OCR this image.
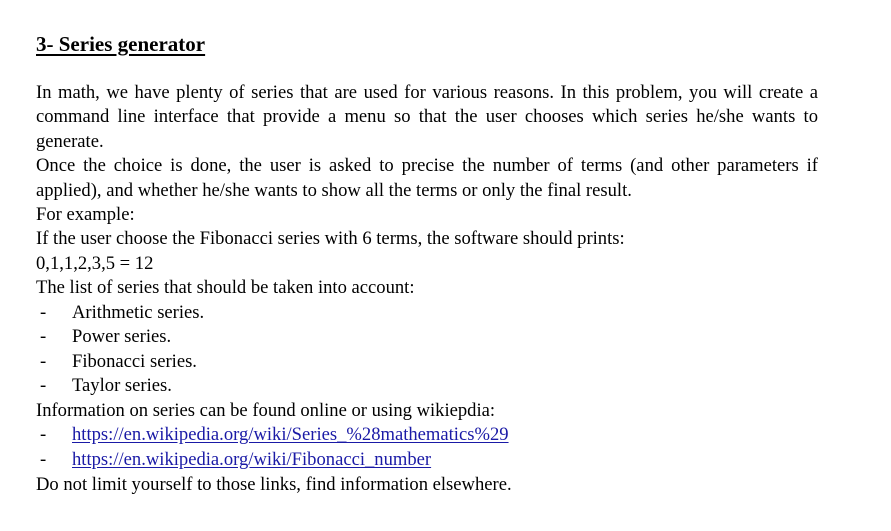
3- Series generator

In math, we have plenty of series that are used for various reasons. In this problem, you will create a command line interface that provide a menu so that the user chooses which series he/she wants to generate.

Once the choice is done, the user is asked to precise the number of terms (and other parameters if applied), and whether he/she wants to show all the terms or only the final result.

For example:

If the user choose the Fibonacci series with 6 terms, the software should prints:

0,1,1,2,3,5 = 12

The list of series that should be taken into account:

- Arithmetic series.
- Power series.
- Fibonacci series.
- Taylor series.

Information on series can be found online or using wikiepdia:

- https://en.wikipedia.org/wiki/Series_%28mathematics%29
- https://en.wikipedia.org/wiki/Fibonacci_number

Do not limit yourself to those links, find information elsewhere.
